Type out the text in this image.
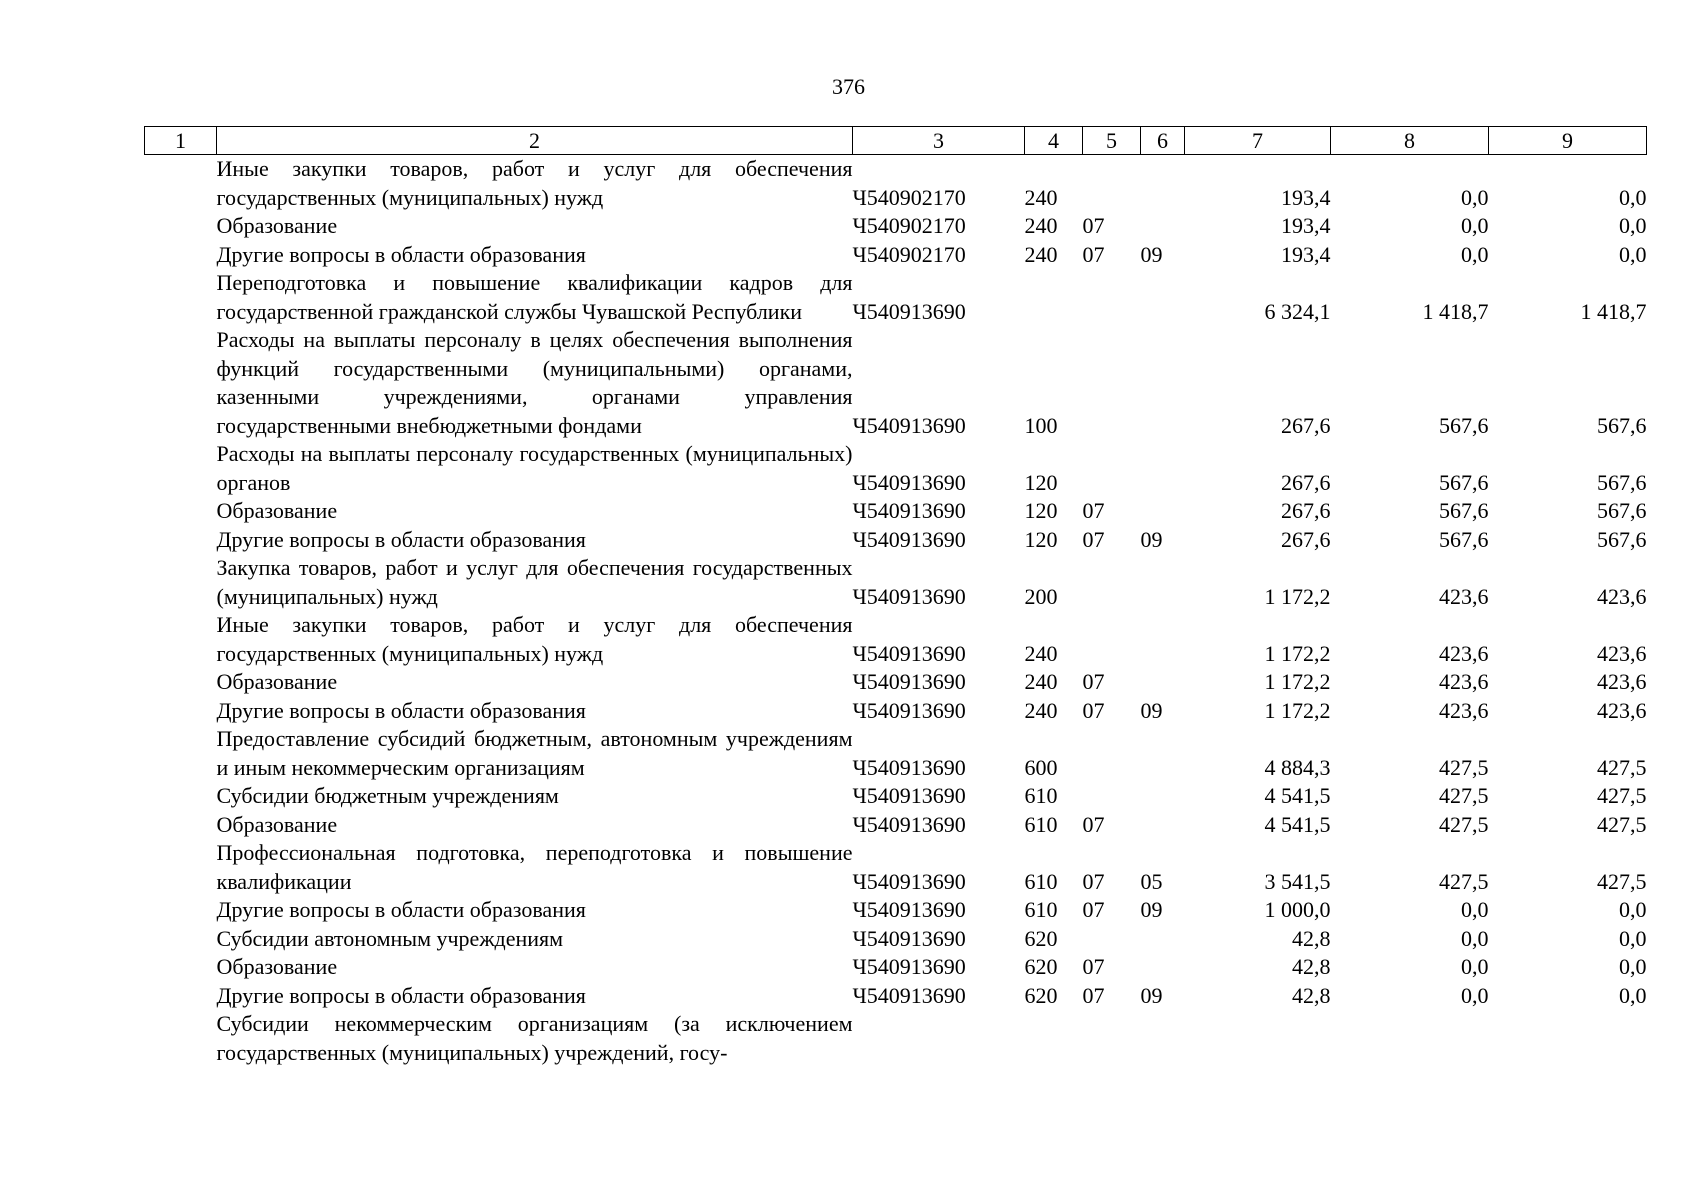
376
1	2	3	4	5	6	7	8	9
	Иные закупки товаров, работ и услуг для обеспечения государственных (муниципальных) нужд	Ч540902170	240			193,4	0,0	0,0
	Образование	Ч540902170	240	07		193,4	0,0	0,0
	Другие вопросы в области образования	Ч540902170	240	07	09	193,4	0,0	0,0
	Переподготовка и повышение квалификации кадров для государственной гражданской службы Чувашской Республики	Ч540913690				6 324,1	1 418,7	1 418,7
	Расходы на выплаты персоналу в целях обеспечения выполнения функций государственными (муниципальными) органами, казенными учреждениями, органами управления государственными внебюджетными фондами	Ч540913690	100			267,6	567,6	567,6
	Расходы на выплаты персоналу государственных (муниципальных) органов	Ч540913690	120			267,6	567,6	567,6
	Образование	Ч540913690	120	07		267,6	567,6	567,6
	Другие вопросы в области образования	Ч540913690	120	07	09	267,6	567,6	567,6
	Закупка товаров, работ и услуг для обеспечения государственных (муниципальных) нужд	Ч540913690	200			1 172,2	423,6	423,6
	Иные закупки товаров, работ и услуг для обеспечения государственных (муниципальных) нужд	Ч540913690	240			1 172,2	423,6	423,6
	Образование	Ч540913690	240	07		1 172,2	423,6	423,6
	Другие вопросы в области образования	Ч540913690	240	07	09	1 172,2	423,6	423,6
	Предоставление субсидий бюджетным, автономным учреждениям и иным некоммерческим организациям	Ч540913690	600			4 884,3	427,5	427,5
	Субсидии бюджетным учреждениям	Ч540913690	610			4 541,5	427,5	427,5
	Образование	Ч540913690	610	07		4 541,5	427,5	427,5
	Профессиональная подготовка, переподготовка и повышение квалификации	Ч540913690	610	07	05	3 541,5	427,5	427,5
	Другие вопросы в области образования	Ч540913690	610	07	09	1 000,0	0,0	0,0
	Субсидии автономным учреждениям	Ч540913690	620			42,8	0,0	0,0
	Образование	Ч540913690	620	07		42,8	0,0	0,0
	Другие вопросы в области образования	Ч540913690	620	07	09	42,8	0,0	0,0
	Субсидии некоммерческим организациям (за исключением государственных (муниципальных) учреждений, госу-							
